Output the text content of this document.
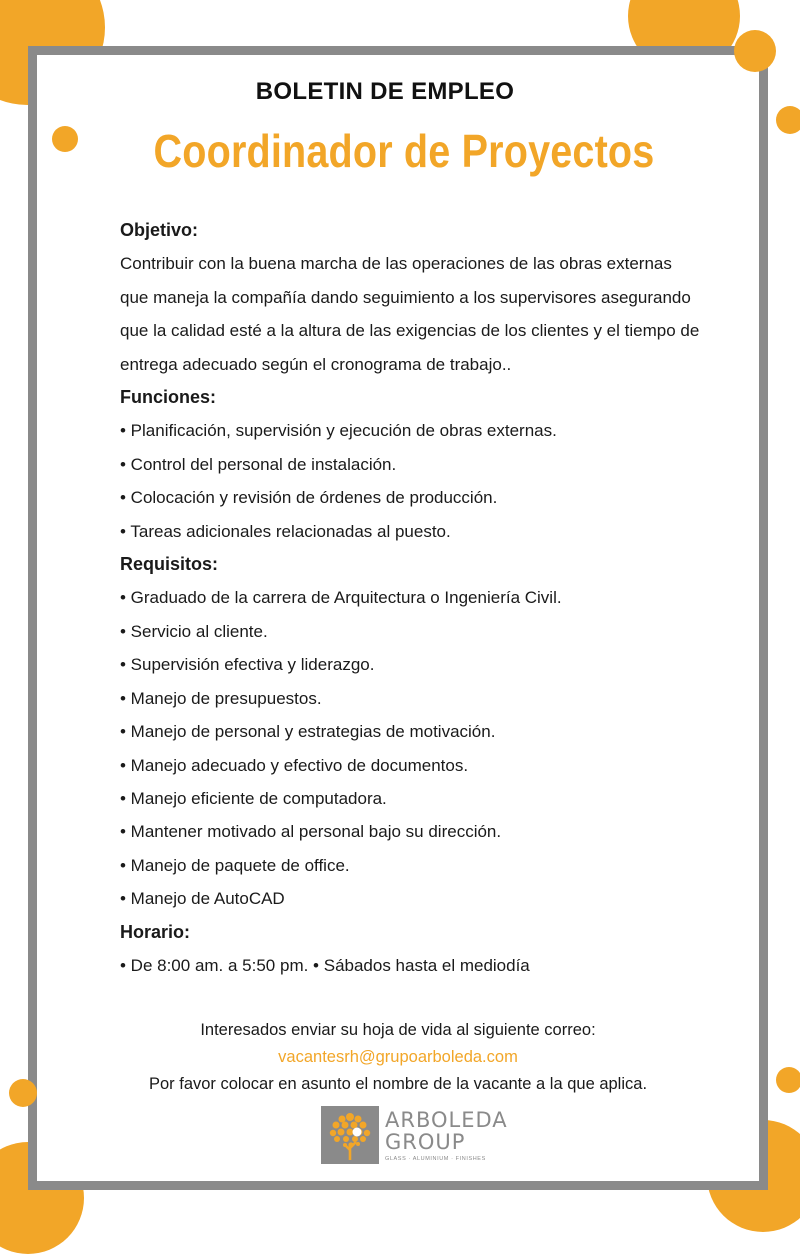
BOLETIN DE EMPLEO
Coordinador de Proyectos
Objetivo:
Contribuir con la buena marcha de las operaciones de las obras externas
que maneja la compañía dando seguimiento a los supervisores asegurando
que la calidad esté a la altura de las exigencias de los clientes y el tiempo de
entrega adecuado según el cronograma de trabajo..
Funciones:
• Planificación, supervisión y ejecución de obras externas.
• Control del personal de instalación.
• Colocación y revisión de órdenes de producción.
• Tareas adicionales relacionadas al puesto.
Requisitos:
• Graduado de la carrera de Arquitectura o Ingeniería Civil.
• Servicio al cliente.
• Supervisión efectiva y liderazgo.
• Manejo de presupuestos.
• Manejo de personal y estrategias de motivación.
• Manejo adecuado y efectivo de documentos.
• Manejo eficiente de computadora.
• Mantener motivado al personal bajo su dirección.
• Manejo de paquete de office.
• Manejo de AutoCAD
Horario:
• De 8:00 am. a 5:50 pm. • Sábados hasta el mediodía
Interesados enviar su hoja de vida al siguiente correo:
vacantesrh@grupoarboleda.com
Por favor colocar en asunto el nombre de la vacante a la que aplica.
ARBOLEDA
GROUP
GLASS · ALUMINIUM · FINISHES
